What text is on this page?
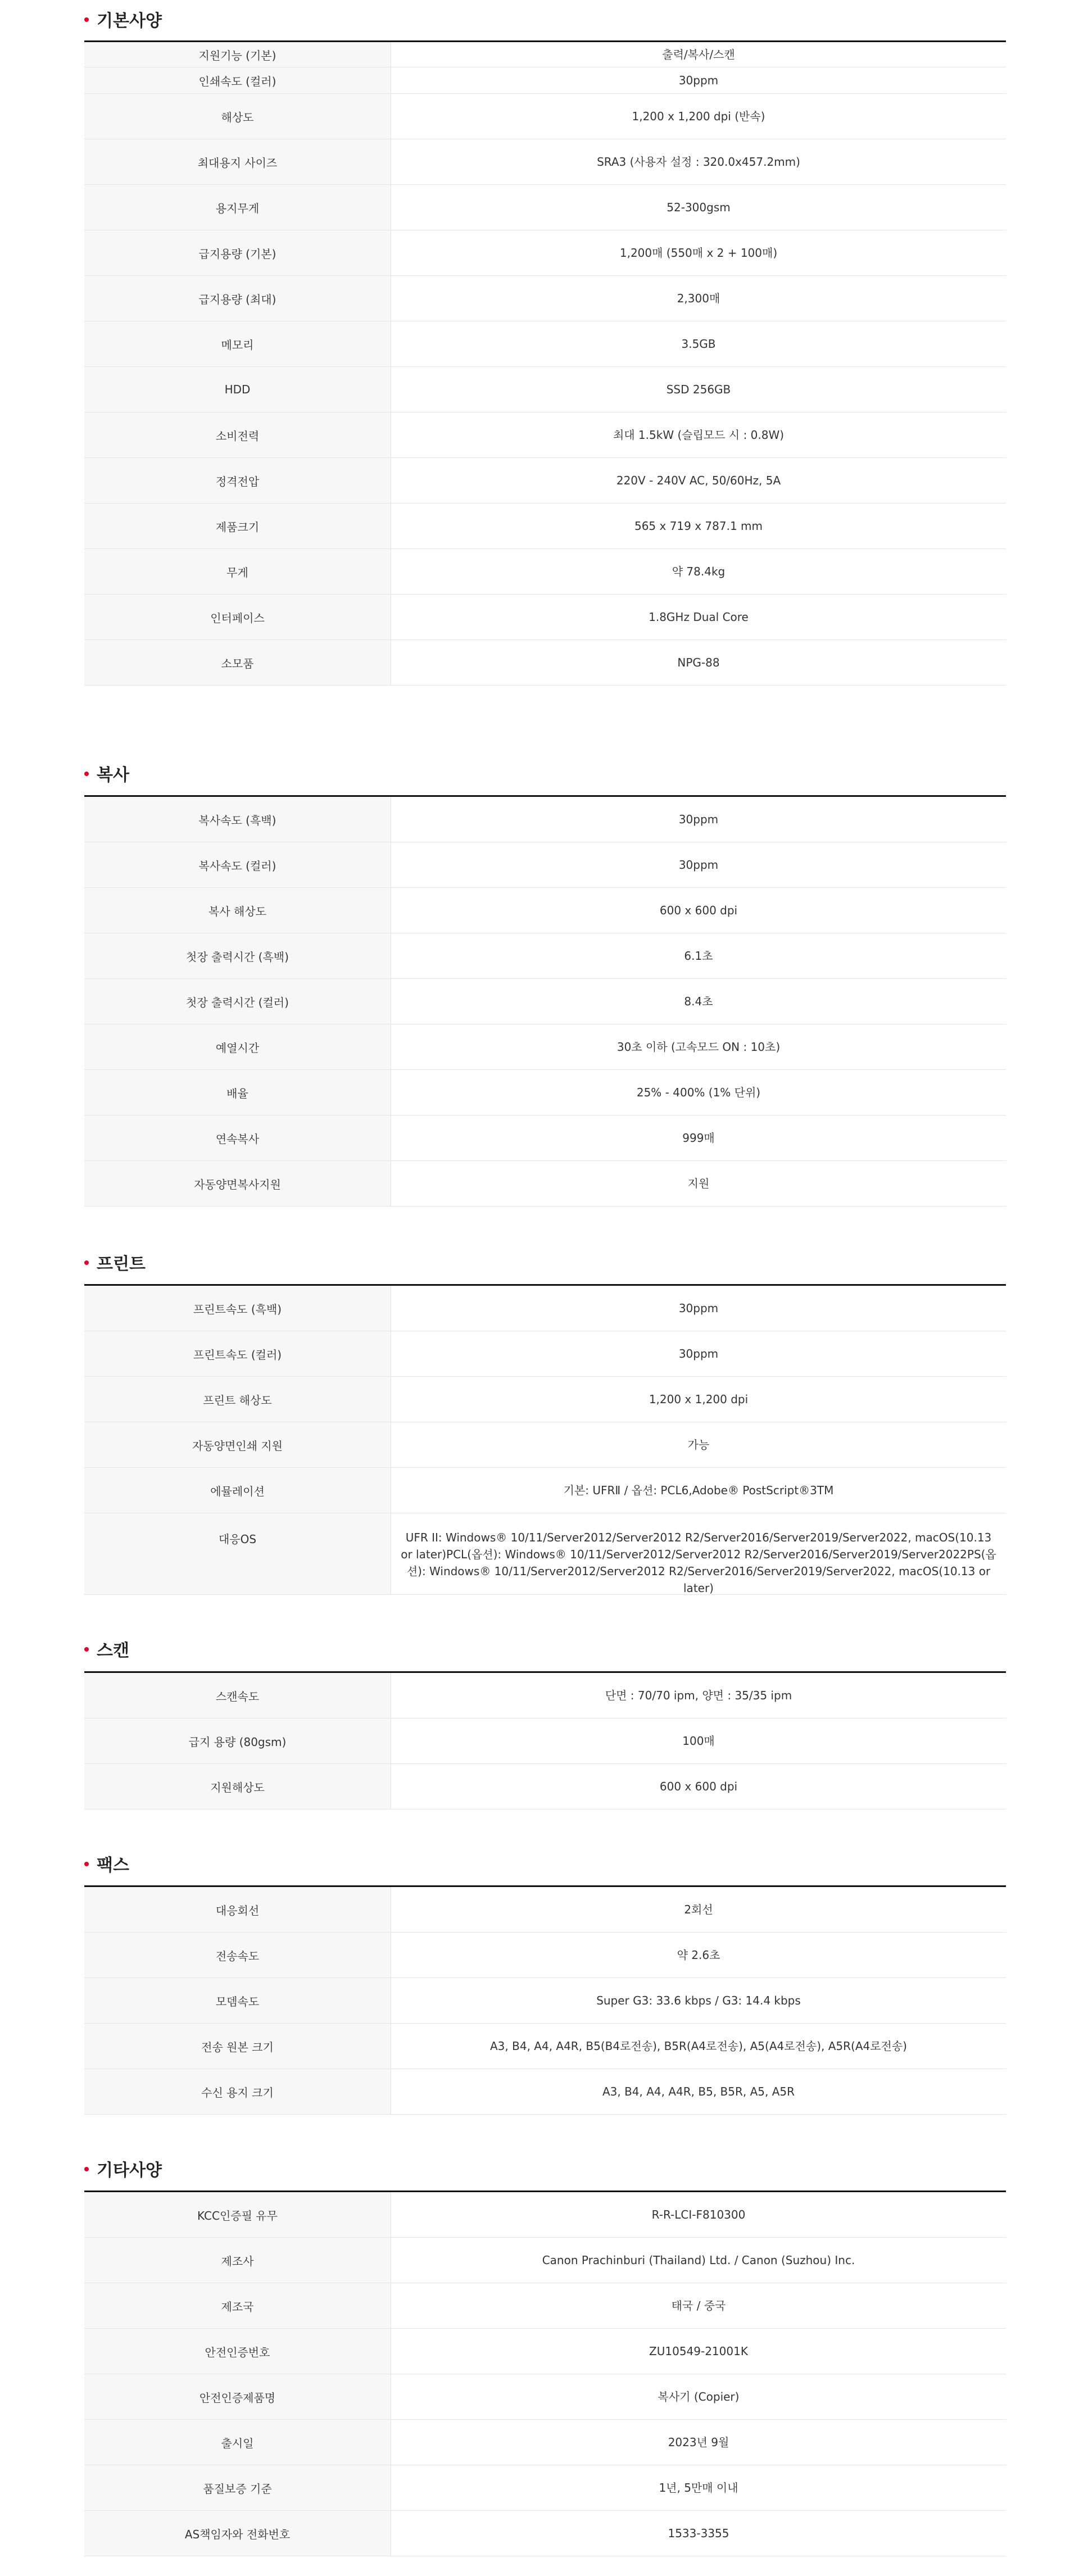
기본사양
지원기능 (기본)	출력/복사/스캔
인쇄속도 (컬러)	30ppm
해상도	1,200 x 1,200 dpi (반속)
최대용지 사이즈	SRA3 (사용자 설정 : 320.0x457.2mm)
용지무게	52-300gsm
급지용량 (기본)	1,200매 (550매 x 2 + 100매)
급지용량 (최대)	2,300매
메모리	3.5GB
HDD	SSD 256GB
소비전력	최대 1.5kW (슬립모드 시 : 0.8W)
정격전압	220V - 240V AC, 50/60Hz, 5A
제품크기	565 x 719 x 787.1 mm
무게	약 78.4kg
인터페이스	1.8GHz Dual Core
소모품	NPG-88
복사
복사속도 (흑백)	30ppm
복사속도 (컬러)	30ppm
복사 해상도	600 x 600 dpi
첫장 출력시간 (흑백)	6.1초
첫장 출력시간 (컬러)	8.4초
예열시간	30초 이하 (고속모드 ON : 10초)
배율	25% - 400% (1% 단위)
연속복사	999매
자동양면복사지원	지원
프린트
프린트속도 (흑백)	30ppm
프린트속도 (컬러)	30ppm
프린트 해상도	1,200 x 1,200 dpi
자동양면인쇄 지원	가능
에뮬레이션	기본: UFRⅡ / 옵션: PCL6,Adobe® PostScript®3TM
대응OS	UFR II: Windows® 10/11/Server2012/Server2012 R2/Server2016/Server2019/Server2022, macOS(10.13 or later)PCL(옵션): Windows® 10/11/Server2012/Server2012 R2/Server2016/Server2019/Server2022PS(옵션): Windows® 10/11/Server2012/Server2012 R2/Server2016/Server2019/Server2022, macOS(10.13 or later)
스캔
스캔속도	단면 : 70/70 ipm, 양면 : 35/35 ipm
급지 용량 (80gsm)	100매
지원해상도	600 x 600 dpi
팩스
대응회선	2회선
전송속도	약 2.6초
모뎀속도	Super G3: 33.6 kbps / G3: 14.4 kbps
전송 원본 크기	A3, B4, A4, A4R, B5(B4로전송), B5R(A4로전송), A5(A4로전송), A5R(A4로전송)
수신 용지 크기	A3, B4, A4, A4R, B5, B5R, A5, A5R
기타사양
KCC인증필 유무	R-R-LCI-F810300
제조사	Canon Prachinburi (Thailand) Ltd. / Canon (Suzhou) Inc.
제조국	태국 / 중국
안전인증번호	ZU10549-21001K
안전인증제품명	복사기 (Copier)
출시일	2023년 9월
품질보증 기준	1년, 5만매 이내
AS책임자와 전화번호	1533-3355
